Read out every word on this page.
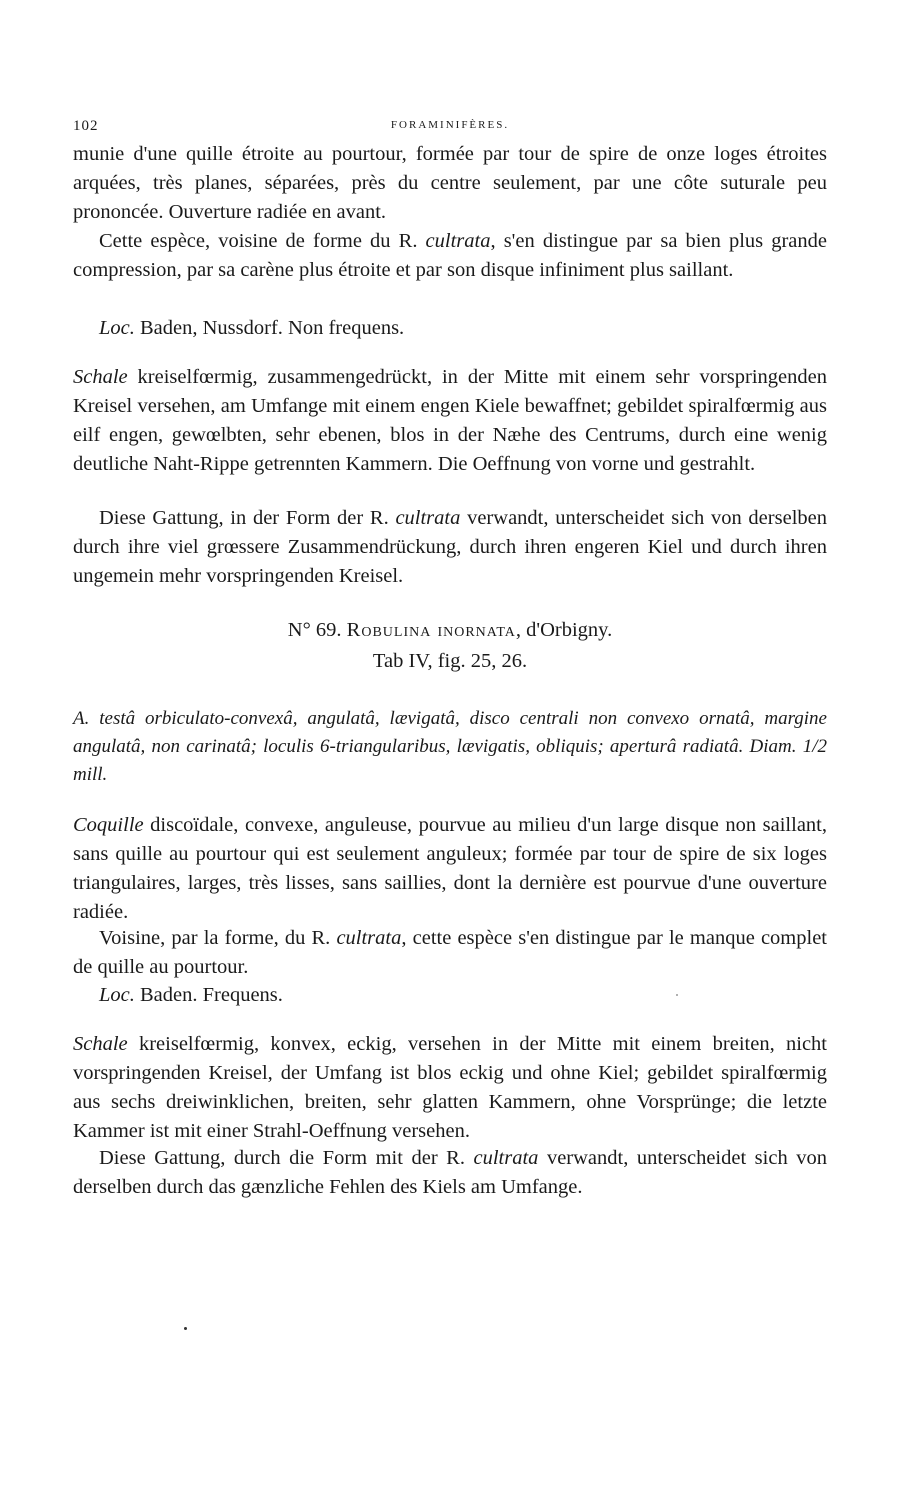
102	FORAMINIFÈRES.

munie d'une quille étroite au pourtour, formée par tour de spire de onze loges étroites arquées, très planes, séparées, près du centre seulement, par une côte suturale peu prononcée. Ouverture radiée en avant.

Cette espèce, voisine de forme du R. cultrata, s'en distingue par sa bien plus grande compression, par sa carène plus étroite et par son disque infiniment plus saillant.

Loc. Baden, Nussdorf. Non frequens.

Schale kreiselfœrmig, zusammengedrückt, in der Mitte mit einem sehr vorspringenden Kreisel versehen, am Umfange mit einem engen Kiele bewaffnet; gebildet spiralfœrmig aus eilf engen, gewœlbten, sehr ebenen, blos in der Næhe des Centrums, durch eine wenig deutliche Naht-Rippe getrennten Kammern. Die Oeffnung von vorne und gestrahlt.

Diese Gattung, in der Form der R. cultrata verwandt, unterscheidet sich von derselben durch ihre viel grœssere Zusammendrückung, durch ihren engeren Kiel und durch ihren ungemein mehr vorspringenden Kreisel.

N° 69. Robulina inornata, d'Orbigny.

Tab IV, fig. 25, 26.

A. testâ orbiculato-convexâ, angulatâ, lævigatâ, disco centrali non convexo ornatâ, margine angulatâ, non carinatâ; loculis 6-triangularibus, lævigatis, obliquis; aperturâ radiatâ. Diam. 1/2 mill.

Coquille discoïdale, convexe, anguleuse, pourvue au milieu d'un large disque non saillant, sans quille au pourtour qui est seulement anguleux; formée par tour de spire de six loges triangulaires, larges, très lisses, sans saillies, dont la dernière est pourvue d'une ouverture radiée.

Voisine, par la forme, du R. cultrata, cette espèce s'en distingue par le manque complet de quille au pourtour.

Loc. Baden. Frequens.

Schale kreiselfœrmig, konvex, eckig, versehen in der Mitte mit einem breiten, nicht vorspringenden Kreisel, der Umfang ist blos eckig und ohne Kiel; gebildet spiralfœrmig aus sechs dreiwinklichen, breiten, sehr glatten Kammern, ohne Vorsprünge; die letzte Kammer ist mit einer Strahl-Oeffnung versehen.

Diese Gattung, durch die Form mit der R. cultrata verwandt, unterscheidet sich von derselben durch das gænzliche Fehlen des Kiels am Umfange.
